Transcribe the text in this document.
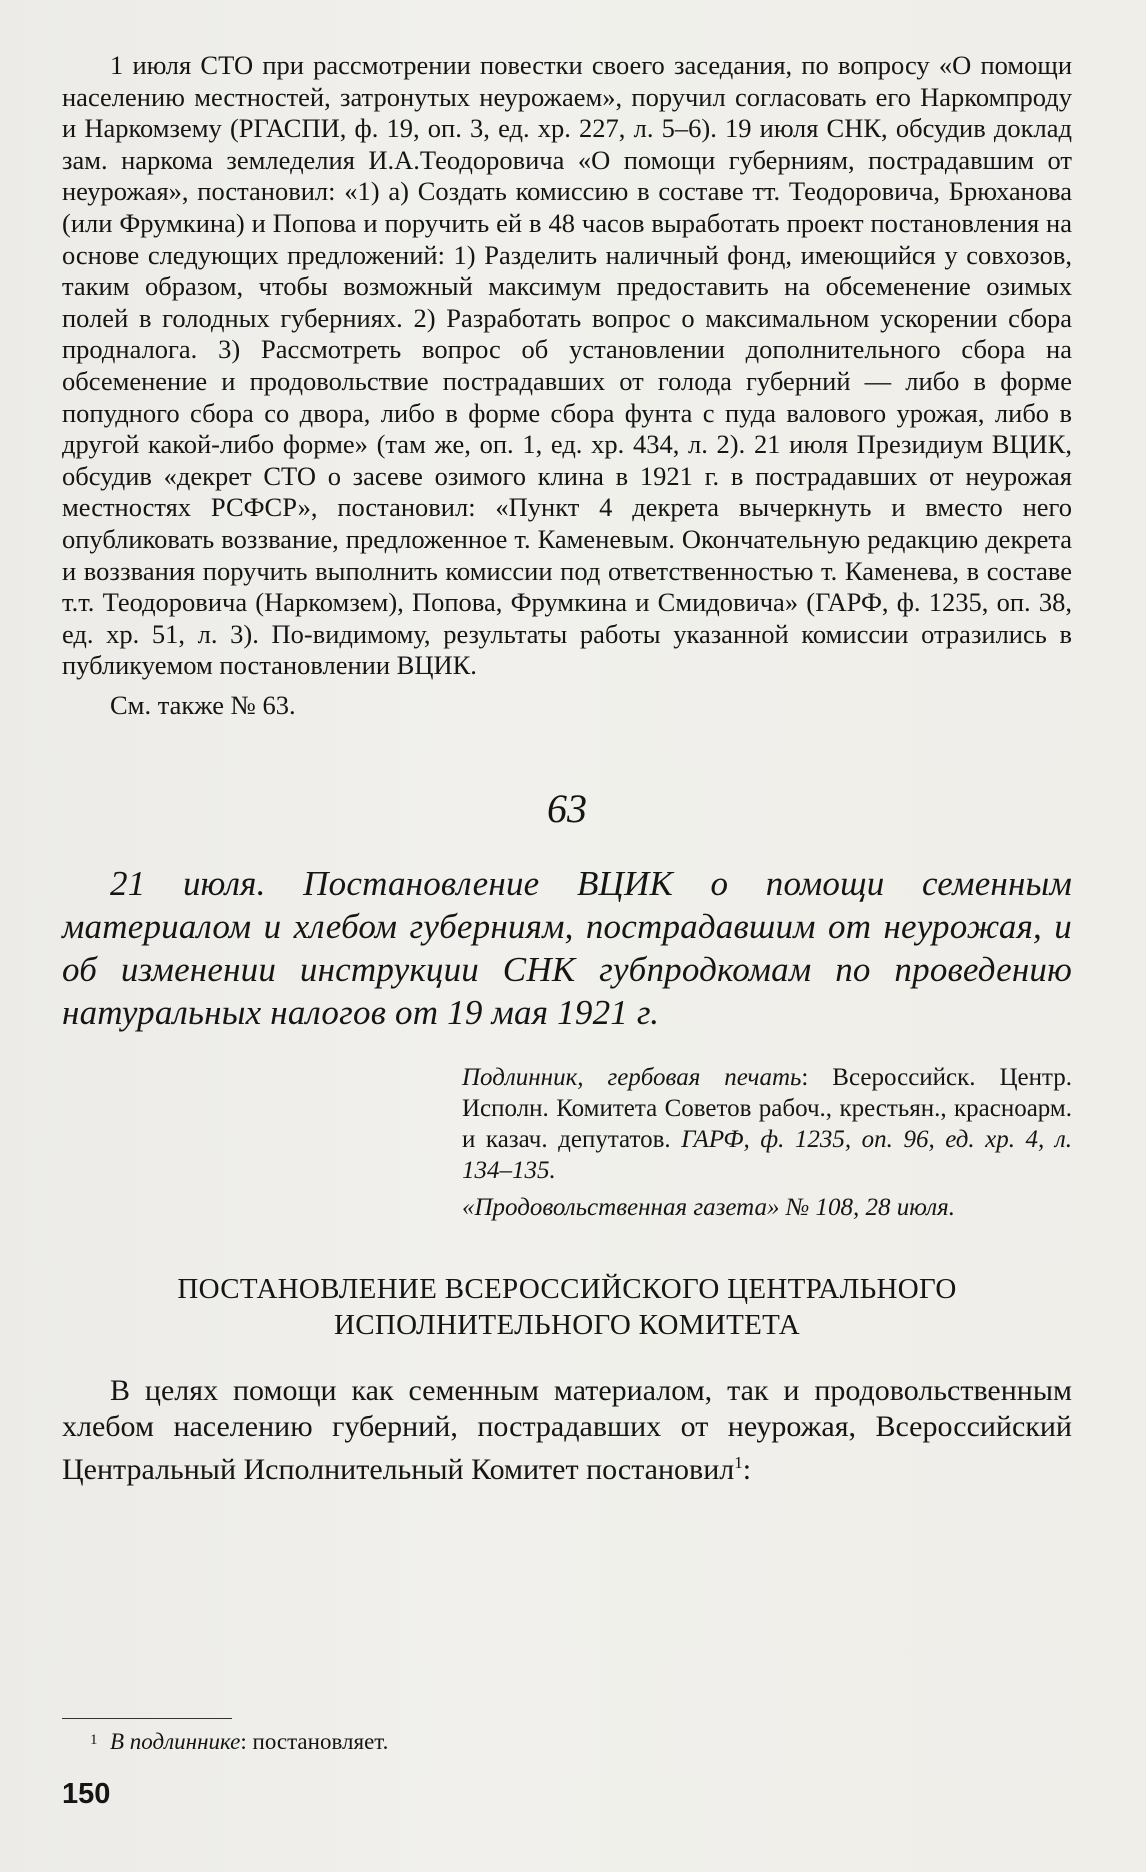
1 июля СТО при рассмотрении повестки своего заседания, по вопросу «О помощи населению местностей, затронутых неурожаем», поручил согласовать его Наркомпроду и Наркомзему (РГАСПИ, ф. 19, оп. 3, ед. хр. 227, л. 5–6). 19 июля СНК, обсудив доклад зам. наркома земледелия И.А.Теодоровича «О помощи губерниям, пострадавшим от неурожая», постановил: «1) а) Создать комиссию в составе тт. Теодоровича, Брюханова (или Фрумкина) и Попова и поручить ей в 48 часов выработать проект постановления на основе следующих предложений: 1) Разделить наличный фонд, имеющийся у совхозов, таким образом, чтобы возможный максимум предоставить на обсеменение озимых полей в голодных губерниях. 2) Разработать вопрос о максимальном ускорении сбора продналога. 3) Рассмотреть вопрос об установлении дополнительного сбора на обсеменение и продовольствие пострадавших от голода губерний — либо в форме попудного сбора со двора, либо в форме сбора фунта с пуда валового урожая, либо в другой какой-либо форме» (там же, оп. 1, ед. хр. 434, л. 2). 21 июля Президиум ВЦИК, обсудив «декрет СТО о засеве озимого клина в 1921 г. в пострадавших от неурожая местностях РСФСР», постановил: «Пункт 4 декрета вычеркнуть и вместо него опубликовать воззвание, предложенное т. Каменевым. Окончательную редакцию декрета и воззвания поручить выполнить комиссии под ответственностью т. Каменева, в составе т.т. Теодоровича (Наркомзем), Попова, Фрумкина и Смидовича» (ГАРФ, ф. 1235, оп. 38, ед. хр. 51, л. 3). По-видимому, результаты работы указанной комиссии отразились в публикуемом постановлении ВЦИК.

См. также № 63.

63

21 июля. Постановление ВЦИК о помощи семенным материалом и хлебом губерниям, пострадавшим от неурожая, и об изменении инструкции СНК губпродкомам по проведению натуральных налогов от 19 мая 1921 г.

Подлинник, гербовая печать: Всероссийск. Центр. Исполн. Комитета Советов рабоч., крестьян., красноарм. и казач. депутатов. ГАРФ, ф. 1235, оп. 96, ед. хр. 4, л. 134–135.

«Продовольственная газета» № 108, 28 июля.

ПОСТАНОВЛЕНИЕ ВСЕРОССИЙСКОГО ЦЕНТРАЛЬНОГО
ИСПОЛНИТЕЛЬНОГО КОМИТЕТА

В целях помощи как семенным материалом, так и продовольственным хлебом населению губерний, пострадавших от неурожая, Всероссийский Центральный Исполнительный Комитет постановил$^1$:

1 В подлиннике: постановляет.
150
